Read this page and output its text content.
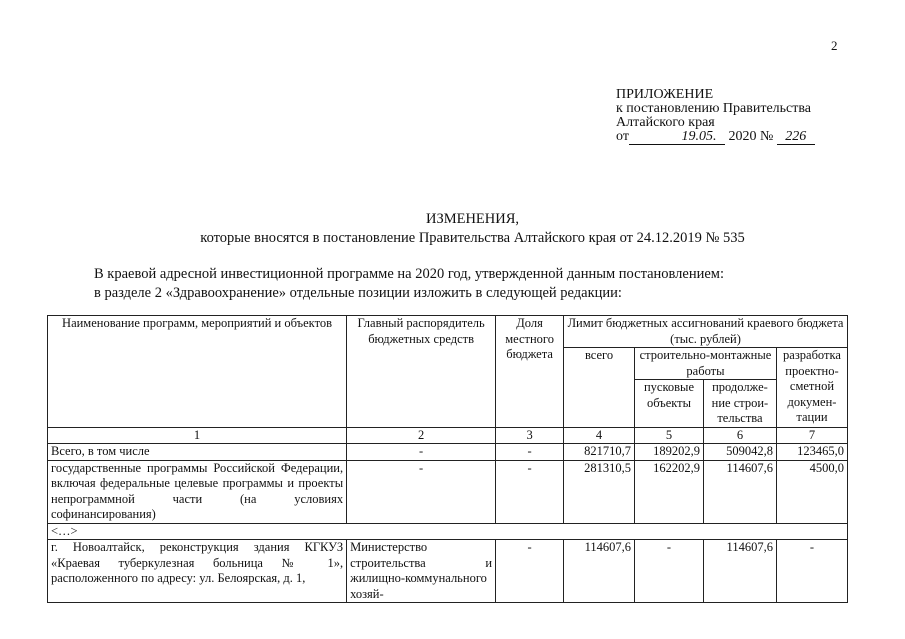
2
ПРИЛОЖЕНИЕ
к постановлению Правительства
Алтайского края
от	19.05. 2020 № 226
ИЗМЕНЕНИЯ,
которые вносятся в постановление Правительства Алтайского края от 24.12.2019 № 535
В краевой адресной инвестиционной программе на 2020 год, утвержденной данным постановлением:
в разделе 2 «Здравоохранение» отдельные позиции изложить в следующей редакции:
Наименование программ, мероприятий и объектов	Главный распорядитель бюджетных средств	Доля местного бюджета	Лимит бюджетных ассигнований краевого бюджета (тыс. рублей)			
			всего	строительно-монтажные работы		разработка проектно-сметной докумен-тации
				пусковые объекты	продолже-ние строи-тельства	
1	2	3	4	5	6	7
Всего, в том числе	-	-	821710,7	189202,9	509042,8	123465,0
государственные программы Российской Федерации, включая федеральные целевые программы и проекты непрограммной части (на условиях софинансирования)	-	-	281310,5	162202,9	114607,6	4500,0
<…>						
г. Новоалтайск, реконструкция здания КГКУЗ «Краевая туберкулезная больница № 1», расположенного по адресу: ул. Белоярская, д. 1,	Министерство строительства и жилищно-коммунального хозяй-	-	114607,6	-	114607,6	-
